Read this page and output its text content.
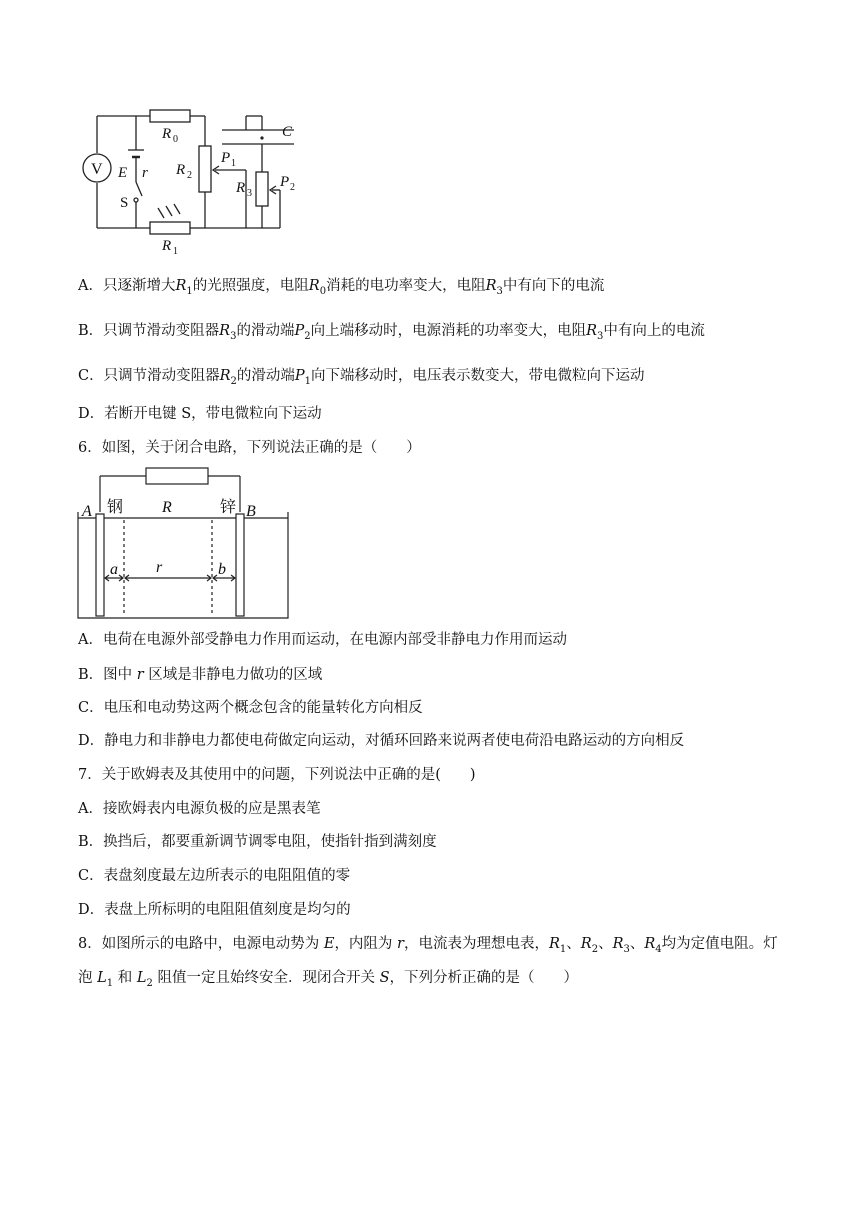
V
R 0	C
E r R 2
P 1
R 3
P 2
S
R 1
A．只逐渐增大$R_1$的光照强度，电阻$R_0$消耗的电功率变大，电阻$R_3$中有向下的电流
B．只调节滑动变阻器$R_3$的滑动端$P_2$向上端移动时，电源消耗的功率变大，电阻$R_3$中有向上的电流
C．只调节滑动变阻器$R_2$的滑动端$P_1$向下端移动时，电压表示数变大，带电微粒向下运动
D．若断开电键 S，带电微粒向下运动
6．如图，关于闭合电路，下列说法正确的是（　　）
A 钢 R	锌 B
a r	b
A．电荷在电源外部受静电力作用而运动，在电源内部受非静电力作用而运动
B．图中 r 区域是非静电力做功的区域
C．电压和电动势这两个概念包含的能量转化方向相反
D．静电力和非静电力都使电荷做定向运动，对循环回路来说两者使电荷沿电路运动的方向相反
7．关于欧姆表及其使用中的问题，下列说法中正确的是(　　)
A．接欧姆表内电源负极的应是黑表笔
B．换挡后，都要重新调节调零电阻，使指针指到满刻度
C．表盘刻度最左边所表示的电阻阻值的零
D．表盘上所标明的电阻阻值刻度是均匀的
8．如图所示的电路中，电源电动势为 E，内阻为 r，电流表为理想电表，$R_1$、$R_2$、$R_3$、$R_4$均为定值电阻。灯
泡 $L_1$ 和 $L_2$ 阻值一定且始终安全．现闭合开关 S，下列分析正确的是（　　）
